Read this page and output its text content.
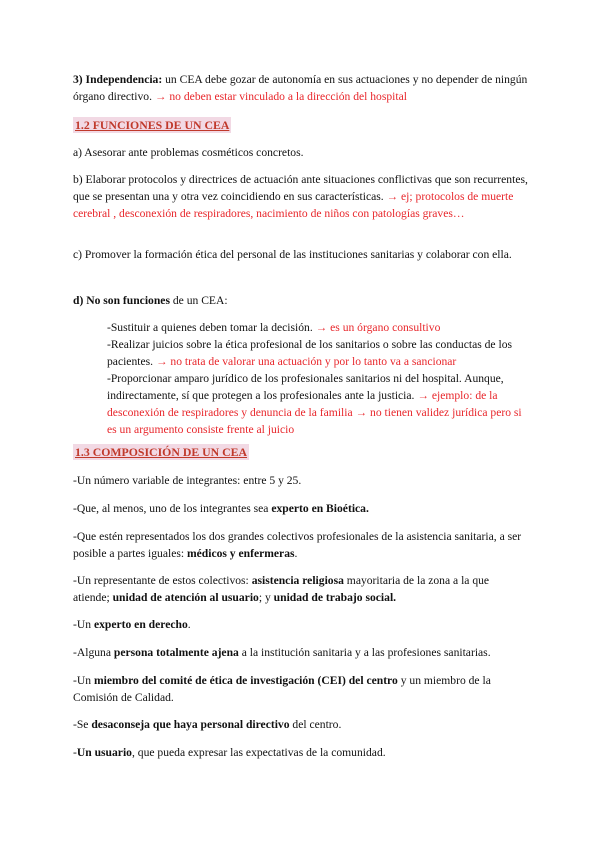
3) Independencia: un CEA debe gozar de autonomía en sus actuaciones y no depender de ningún órgano directivo. → no deben estar vinculado a la dirección del hospital

1.2 FUNCIONES DE UN CEA

a) Asesorar ante problemas cosméticos concretos.

b) Elaborar protocolos y directrices de actuación ante situaciones conflictivas que son recurrentes, que se presentan una y otra vez coincidiendo en sus características. → ej; protocolos de muerte cerebral , desconexión de respiradores, nacimiento de niños con patologías graves…

c) Promover la formación ética del personal de las instituciones sanitarias y colaborar con ella.

d) No son funciones de un CEA:

-Sustituir a quienes deben tomar la decisión. → es un órgano consultivo
-Realizar juicios sobre la ética profesional de los sanitarios o sobre las conductas de los pacientes. → no trata de valorar una actuación y por lo tanto va a sancionar
-Proporcionar amparo jurídico de los profesionales sanitarios ni del hospital. Aunque, indirectamente, sí que protegen a los profesionales ante la justicia. → ejemplo: de la desconexión de respiradores y denuncia de la familia → no tienen validez jurídica pero si es un argumento consiste frente al juicio
1.3 COMPOSICIÓN DE UN CEA

-Un número variable de integrantes: entre 5 y 25.

-Que, al menos, uno de los integrantes sea experto en Bioética.

-Que estén representados los dos grandes colectivos profesionales de la asistencia sanitaria, a ser posible a partes iguales: médicos y enfermeras.

-Un representante de estos colectivos: asistencia religiosa mayoritaria de la zona a la que atiende; unidad de atención al usuario; y unidad de trabajo social.

-Un experto en derecho.

-Alguna persona totalmente ajena a la institución sanitaria y a las profesiones sanitarias.

-Un miembro del comité de ética de investigación (CEI) del centro y un miembro de la Comisión de Calidad.

-Se desaconseja que haya personal directivo del centro.

-Un usuario, que pueda expresar las expectativas de la comunidad.
